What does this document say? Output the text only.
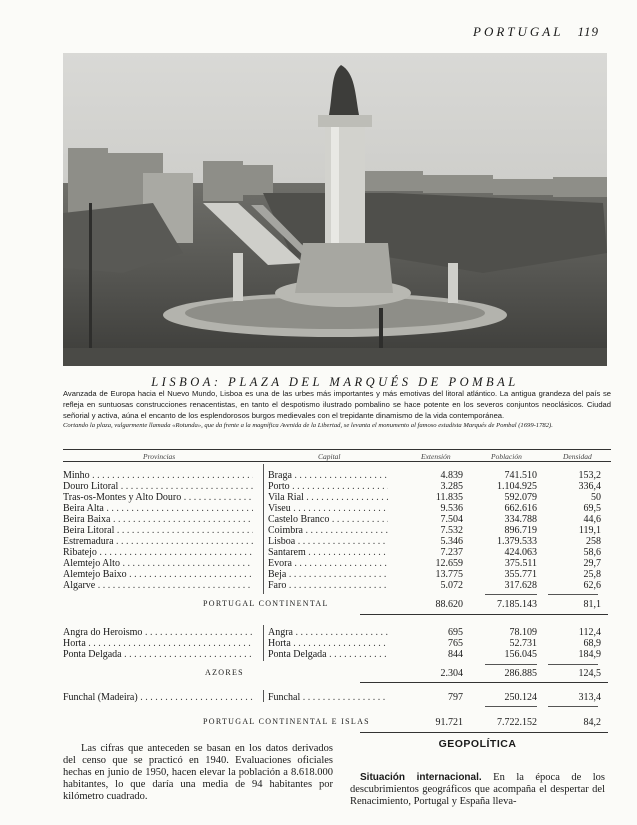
PORTUGAL 119
LISBOA: PLAZA DEL MARQUÉS DE POMBAL
Avanzada de Europa hacia el Nuevo Mundo, Lisboa es una de las urbes más importantes y más emotivas del litoral atlántico. La antigua grandeza del país se refleja en suntuosas construcciones renacentistas, en tanto el despotismo ilustrado pombalino se hace potente en los severos conjuntos neoclásicos. Ciudad señorial y activa, aúna el encanto de los esplendorosos burgos medievales con el trepidante dinamismo de la vida contemporánea.
Cortando la plaza, vulgarmente llamada «Rotunda», que da frente a la magnífica Avenida de la Libertad, se levanta el monumento al famoso estadista Marqués de Pombal (1699-1782).
Provincias	Capital	Extensión	Población	Densidad
Minho . . .	Braga . . .	4.839	741.510	153,2
Douro Litoral . . .	Porto . . .	3.285	1.104.925	336,4
Tras-os-Montes y Alto Douro . . .	Vila Rial . . .	11.835	592.079	50
Beira Alta . . .	Viseu . . .	9.536	662.616	69,5
Beira Baixa . . .	Castelo Branco . . .	7.504	334.788	44,6
Beira Litoral . . .	Coimbra . . .	7.532	896.719	119,1
Estremadura . . .	Lisboa . . .	5.346	1.379.533	258
Ribatejo . . .	Santarem . . .	7.237	424.063	58,6
Alemtejo Alto . . .	Evora . . .	12.659	375.511	29,7
Alemtejo Baixo . . .	Beja . . .	13.775	355.771	25,8
Algarve . . .	Faro . . .	5.072	317.628	62,6
PORTUGAL CONTINENTAL	88.620	7.185.143	81,1
Angra do Heroismo . . .	Angra . . .	695	78.109	112,4
Horta . . .	Horta . . .	765	52.731	68,9
Ponta Delgada . . .	Ponta Delgada . . .	844	156.045	184,9
AZORES	2.304	286.885	124,5
Funchal (Madeira) . . .	Funchal . . .	797	250.124	313,4
PORTUGAL CONTINENTAL E ISLAS	91.721	7.722.152	84,2
Las cifras que anteceden se basan en los datos derivados del censo que se practicó en 1940. Evaluaciones oficiales hechas en junio de 1950, hacen elevar la población a 8.618.000 habitantes, lo que daría una media de 94 habitantes por kilómetro cuadrado.
GEOPOLÍTICA
Situación internacional. En la época de los descubrimientos geográficos que acompaña el despertar del Renacimiento, Portugal y España lleva-
